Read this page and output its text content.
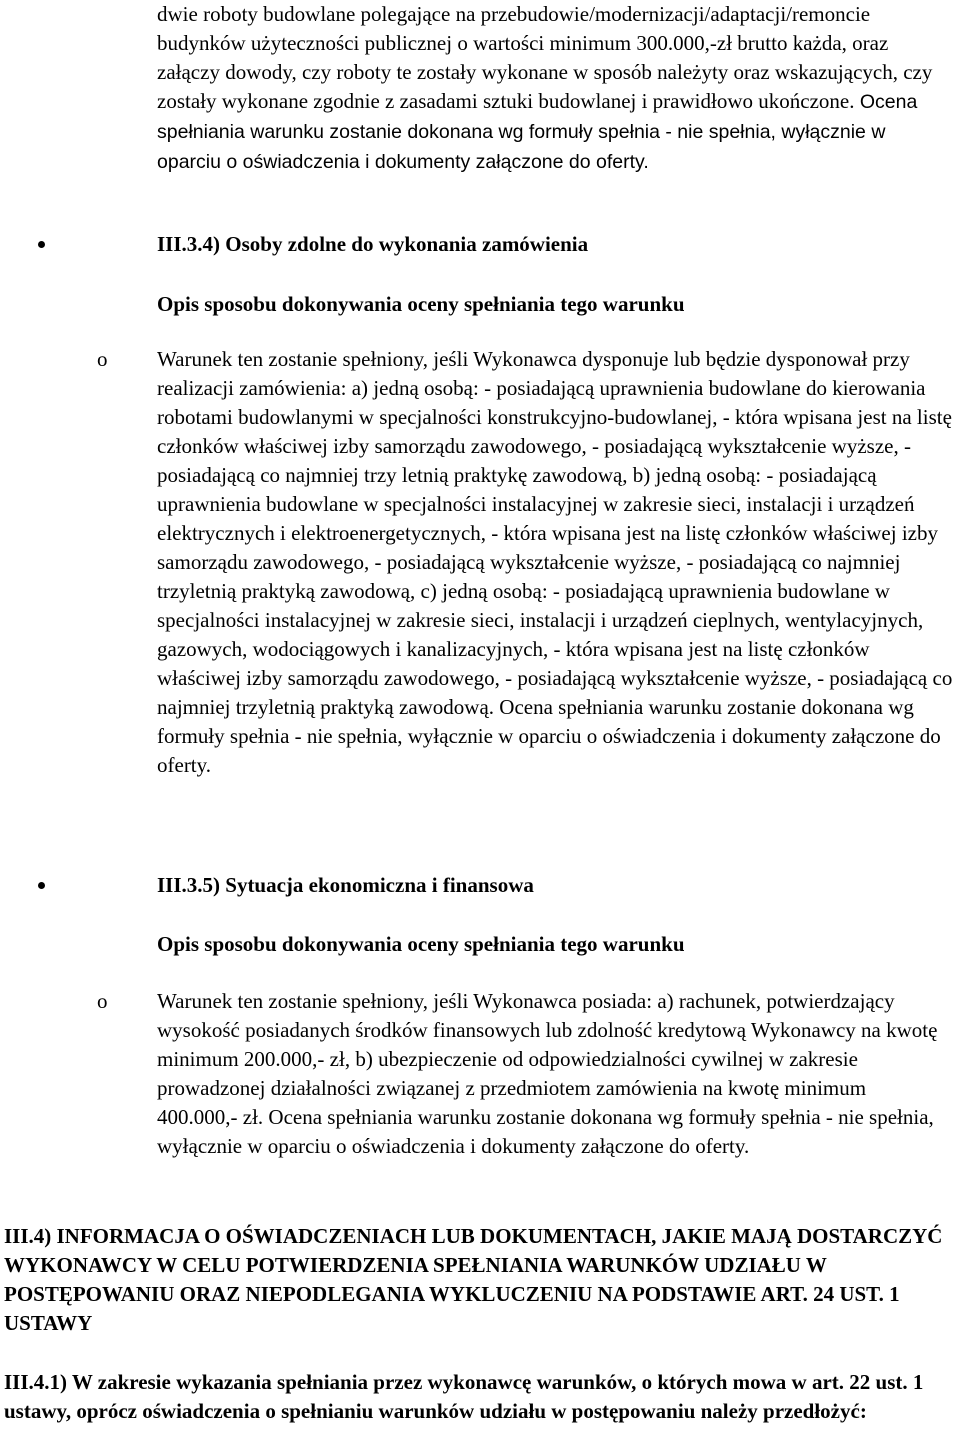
dwie roboty budowlane polegające na przebudowie/modernizacji/adaptacji/remoncie budynków użyteczności publicznej o wartości minimum 300.000,-zł brutto każda, oraz załączy dowody, czy roboty te zostały wykonane w sposób należyty oraz wskazujących, czy zostały wykonane zgodnie z zasadami sztuki budowlanej i prawidłowo ukończone. Ocena spełniania warunku zostanie dokonana wg formuły spełnia - nie spełnia, wyłącznie w oparciu o oświadczenia i dokumenty załączone do oferty.

III.3.4) Osoby zdolne do wykonania zamówienia
Opis sposobu dokonywania oceny spełniania tego warunku
o Warunek ten zostanie spełniony, jeśli Wykonawca dysponuje lub będzie dysponował przy realizacji zamówienia: a) jedną osobą: - posiadającą uprawnienia budowlane do kierowania robotami budowlanymi w specjalności konstrukcyjno-budowlanej, - która wpisana jest na listę członków właściwej izby samorządu zawodowego, - posiadającą wykształcenie wyższe, - posiadającą co najmniej trzy letnią praktykę zawodową, b) jedną osobą: - posiadającą uprawnienia budowlane w specjalności instalacyjnej w zakresie sieci, instalacji i urządzeń elektrycznych i elektroenergetycznych, - która wpisana jest na listę członków właściwej izby samorządu zawodowego, - posiadającą wykształcenie wyższe, - posiadającą co najmniej trzyletnią praktyką zawodową, c) jedną osobą: - posiadającą uprawnienia budowlane w specjalności instalacyjnej w zakresie sieci, instalacji i urządzeń cieplnych, wentylacyjnych, gazowych, wodociągowych i kanalizacyjnych, - która wpisana jest na listę członków właściwej izby samorządu zawodowego, - posiadającą wykształcenie wyższe, - posiadającą co najmniej trzyletnią praktyką zawodową. Ocena spełniania warunku zostanie dokonana wg formuły spełnia - nie spełnia, wyłącznie w oparciu o oświadczenia i dokumenty załączone do oferty.

III.3.5) Sytuacja ekonomiczna i finansowa
Opis sposobu dokonywania oceny spełniania tego warunku
o Warunek ten zostanie spełniony, jeśli Wykonawca posiada: a) rachunek, potwierdzający wysokość posiadanych środków finansowych lub zdolność kredytową Wykonawcy na kwotę minimum 200.000,- zł, b) ubezpieczenie od odpowiedzialności cywilnej w zakresie prowadzonej działalności związanej z przedmiotem zamówienia na kwotę minimum 400.000,- zł. Ocena spełniania warunku zostanie dokonana wg formuły spełnia - nie spełnia, wyłącznie w oparciu o oświadczenia i dokumenty załączone do oferty.

III.4) INFORMACJA O OŚWIADCZENIACH LUB DOKUMENTACH, JAKIE MAJĄ DOSTARCZYĆ WYKONAWCY W CELU POTWIERDZENIA SPEŁNIANIA WARUNKÓW UDZIAŁU W POSTĘPOWANIU ORAZ NIEPODLEGANIA WYKLUCZENIU NA PODSTAWIE ART. 24 UST. 1 USTAWY

III.4.1) W zakresie wykazania spełniania przez wykonawcę warunków, o których mowa w art. 22 ust. 1 ustawy, oprócz oświadczenia o spełnianiu warunków udziału w postępowaniu należy przedłożyć:
